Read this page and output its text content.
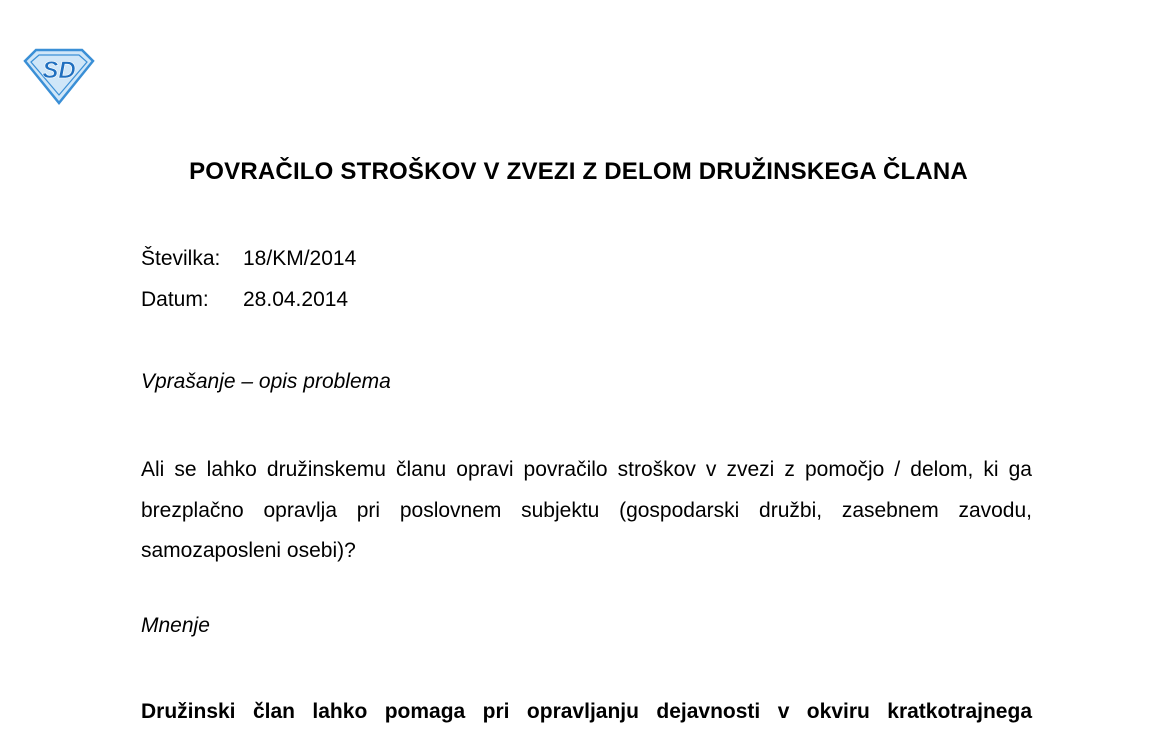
SD
POVRAČILO STROŠKOV V ZVEZI Z DELOM DRUŽINSKEGA ČLANA
Številka: 18/KM/2014
Datum: 28.04.2014
Vprašanje – opis problema
Ali se lahko družinskemu članu opravi povračilo stroškov v zvezi z pomočjo / delom, ki ga brezplačno opravlja pri poslovnem subjektu (gospodarski družbi, zasebnem zavodu, samozaposleni osebi)?
Mnenje
Družinski član lahko pomaga pri opravljanju dejavnosti v okviru kratkotrajnega
